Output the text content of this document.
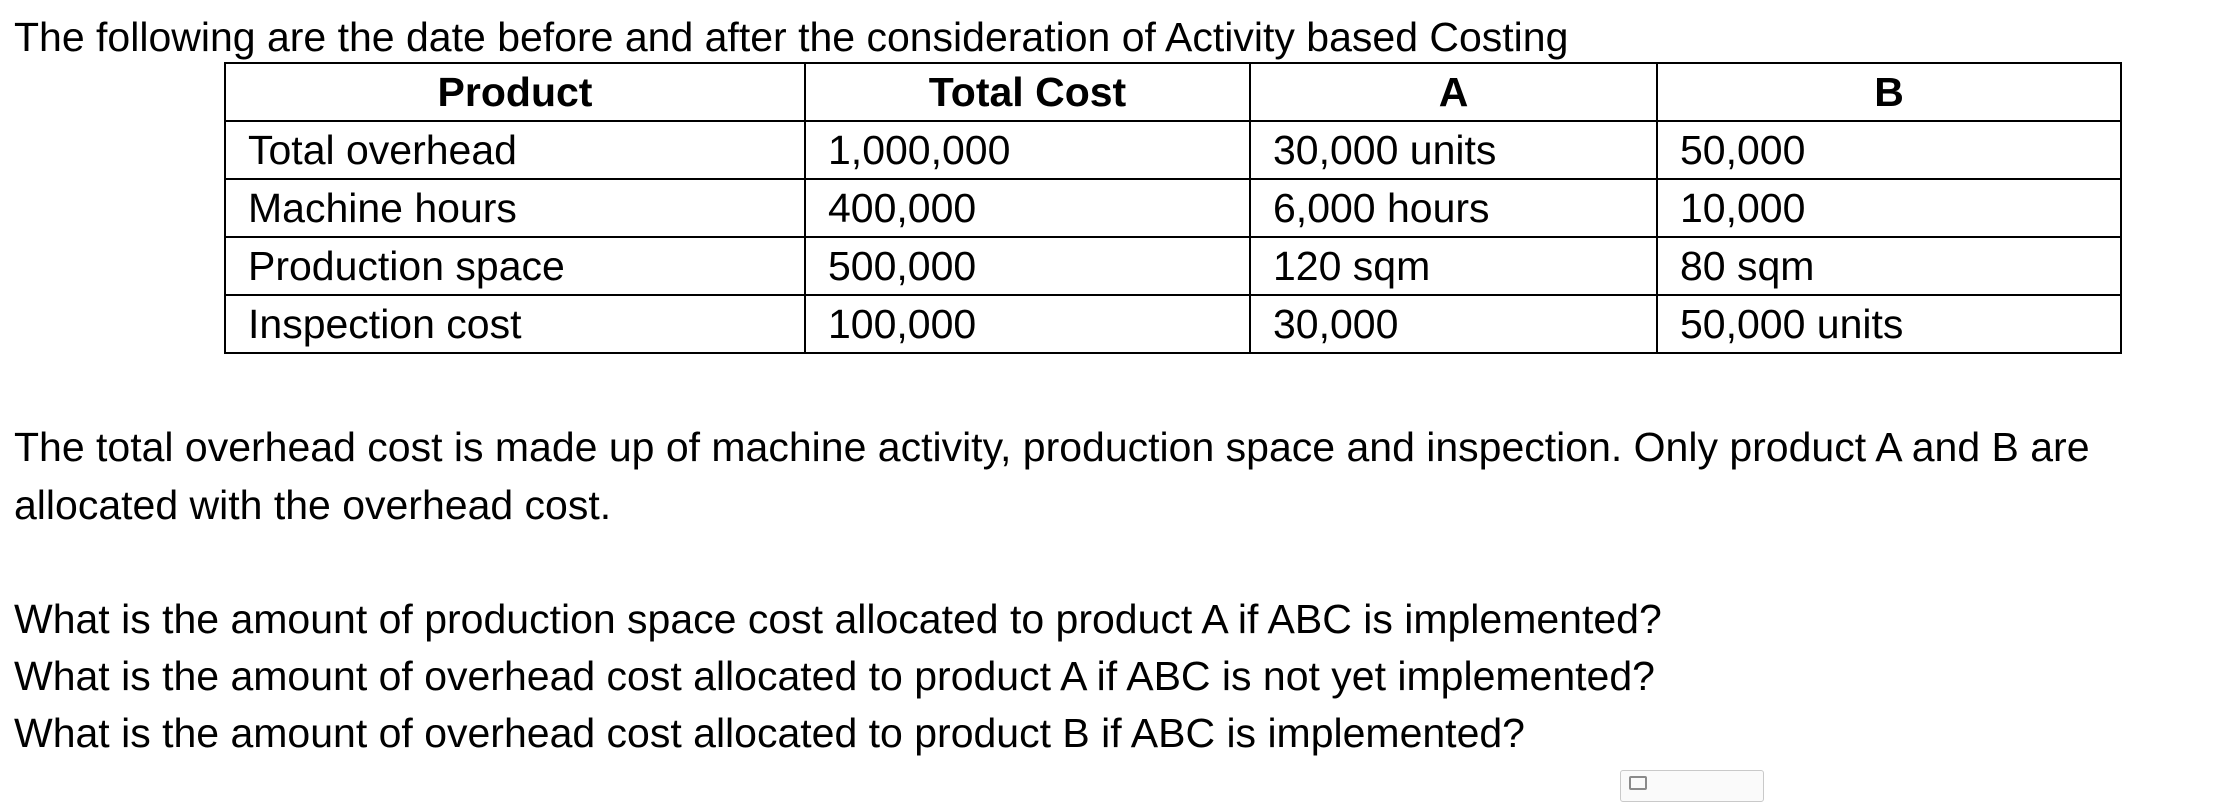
The following are the date before and after the consideration of Activity based Costing
Product	Total Cost	A	B
Total overhead	1,000,000	30,000 units	50,000
Machine hours	400,000	6,000 hours	10,000
Production space	500,000	120 sqm	80 sqm
Inspection cost	100,000	30,000	50,000 units
The total overhead cost is made up of machine activity, production space and inspection. Only product A and B are
allocated with the overhead cost.
What is the amount of production space cost allocated to product A if ABC is implemented?
What is the amount of overhead cost allocated to product A if ABC is not yet implemented?
What is the amount of overhead cost allocated to product B if ABC is implemented?
